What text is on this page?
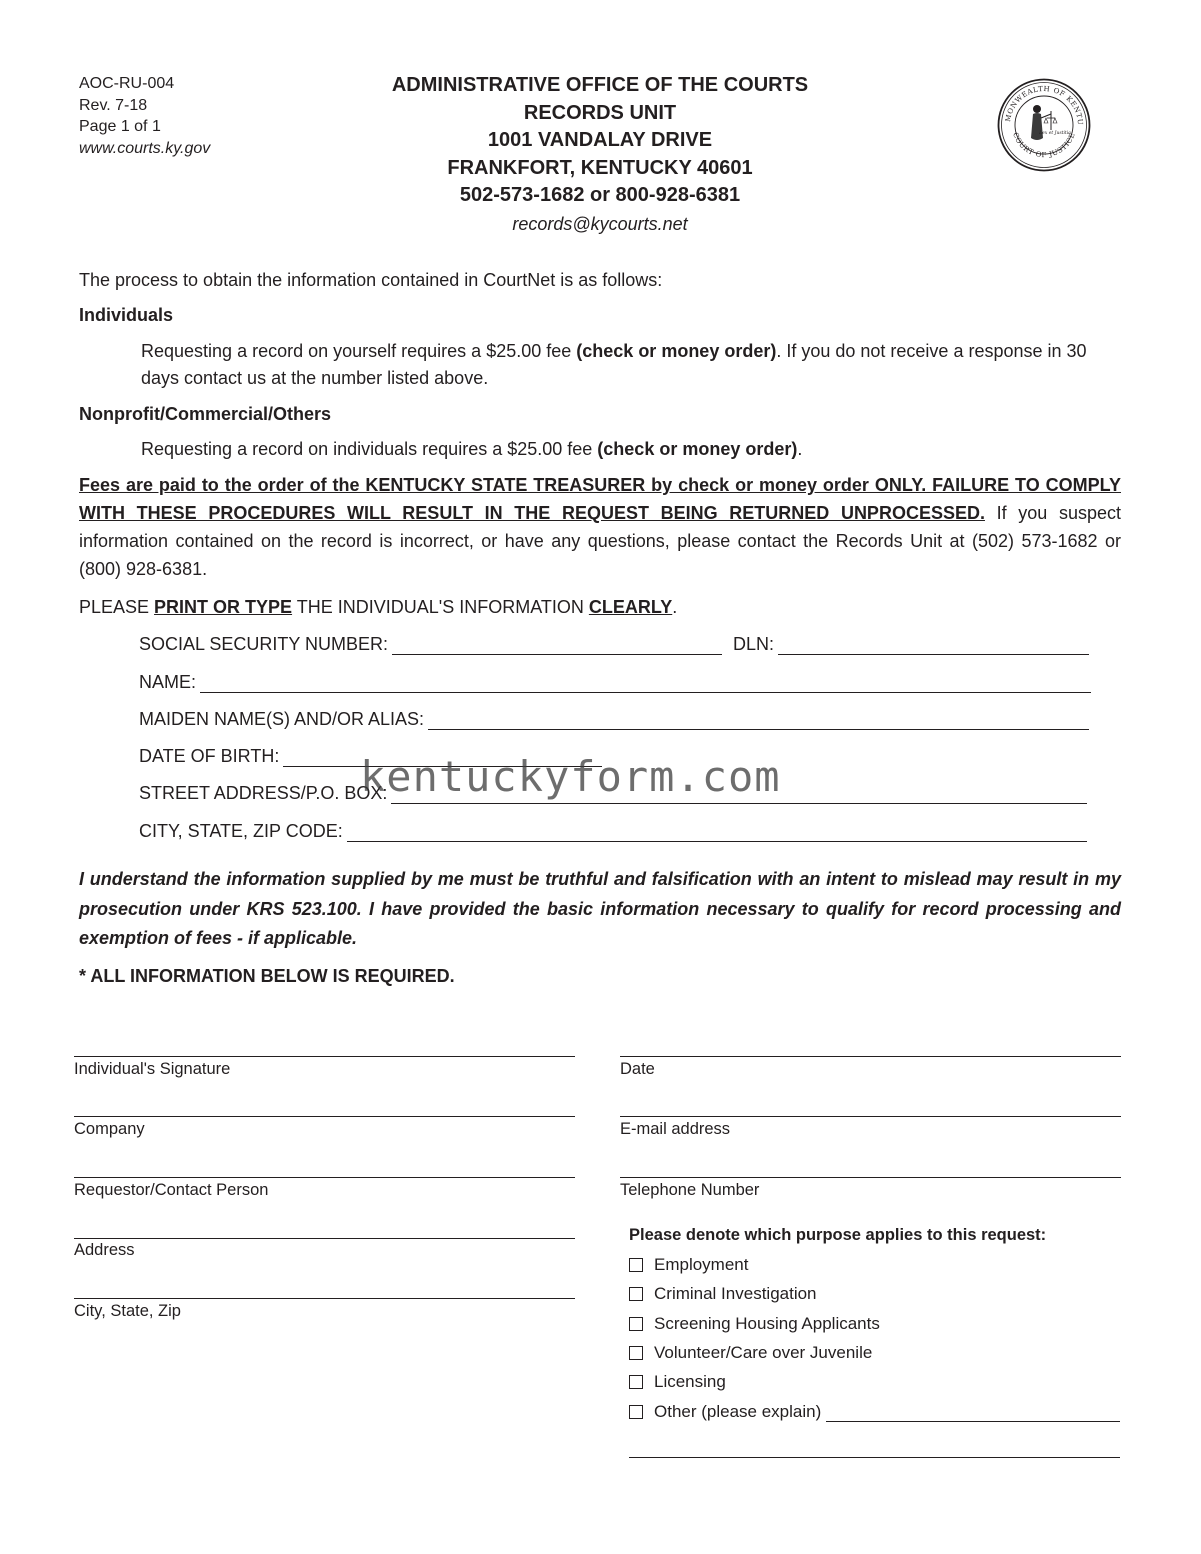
AOC-RU-004
Rev. 7-18
Page 1 of 1
www.courts.ky.gov
ADMINISTRATIVE OFFICE OF THE COURTS
RECORDS UNIT
1001 VANDALAY DRIVE
FRANKFORT, KENTUCKY 40601
502-573-1682 or 800-928-6381
records@kycourts.net
MONWEALTH OF KENTU
COURT OF JUSTICE
Lex et Justitia
The process to obtain the information contained in CourtNet is as follows:
Individuals
Requesting a record on yourself requires a $25.00 fee (check or money order). If you do not receive a response in 30 days contact us at the number listed above.
Nonprofit/Commercial/Others
Requesting a record on individuals requires a $25.00 fee (check or money order).
Fees are paid to the order of the KENTUCKY STATE TREASURER by check or money order ONLY. FAILURE TO COMPLY WITH THESE PROCEDURES WILL RESULT IN THE REQUEST BEING RETURNED UNPROCESSED. If you suspect information contained on the record is incorrect, or have any questions, please contact the Records Unit at (502) 573-1682 or (800) 928-6381.
PLEASE PRINT OR TYPE THE INDIVIDUAL'S INFORMATION CLEARLY.
SOCIAL SECURITY NUMBER:	DLN:
NAME:
MAIDEN NAME(S) AND/OR ALIAS:
DATE OF BIRTH:
STREET ADDRESS/P.O. BOX:
CITY, STATE, ZIP CODE:
kentuckyform.com
I understand the information supplied by me must be truthful and falsification with an intent to mislead may result in my prosecution under KRS 523.100. I have provided the basic information necessary to qualify for record processing and exemption of fees - if applicable.
* ALL INFORMATION BELOW IS REQUIRED.
Individual's Signature
Company
Requestor/Contact Person
Address
City, State, Zip
Date
E-mail address
Telephone Number
Please denote which purpose applies to this request:
Employment
Criminal Investigation
Screening Housing Applicants
Volunteer/Care over Juvenile
Licensing
Other (please explain)
